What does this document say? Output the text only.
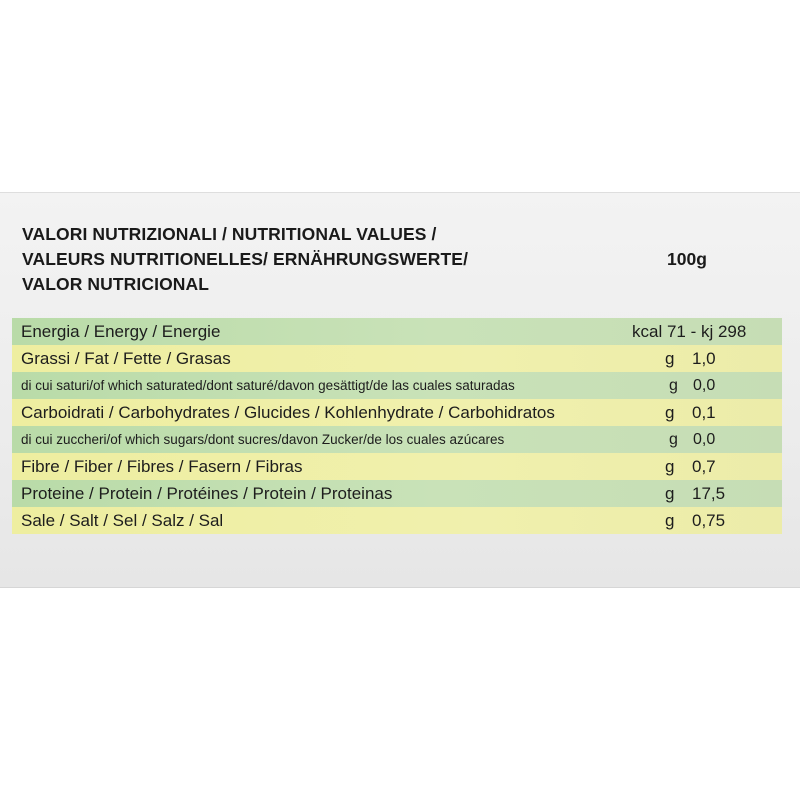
VALORI NUTRIZIONALI / NUTRITIONAL VALUES /
VALEURS NUTRITIONELLES/ ERNÄHRUNGSWERTE/
VALOR NUTRICIONAL
100g
Energia / Energy / Energie	kcal 71 - kj 298
Grassi / Fat / Fette / Grasas	g 1,0
di cui saturi/of which saturated/dont saturé/davon gesättigt/de las cuales saturadas	g 0,0
Carboidrati / Carbohydrates / Glucides / Kohlenhydrate / Carbohidratos	g 0,1
di cui zuccheri/of which sugars/dont sucres/davon Zucker/de los cuales azúcares	g 0,0
Fibre / Fiber / Fibres / Fasern / Fibras	g 0,7
Proteine / Protein / Protéines / Protein / Proteinas	g 17,5
Sale / Salt / Sel / Salz / Sal	g 0,75
